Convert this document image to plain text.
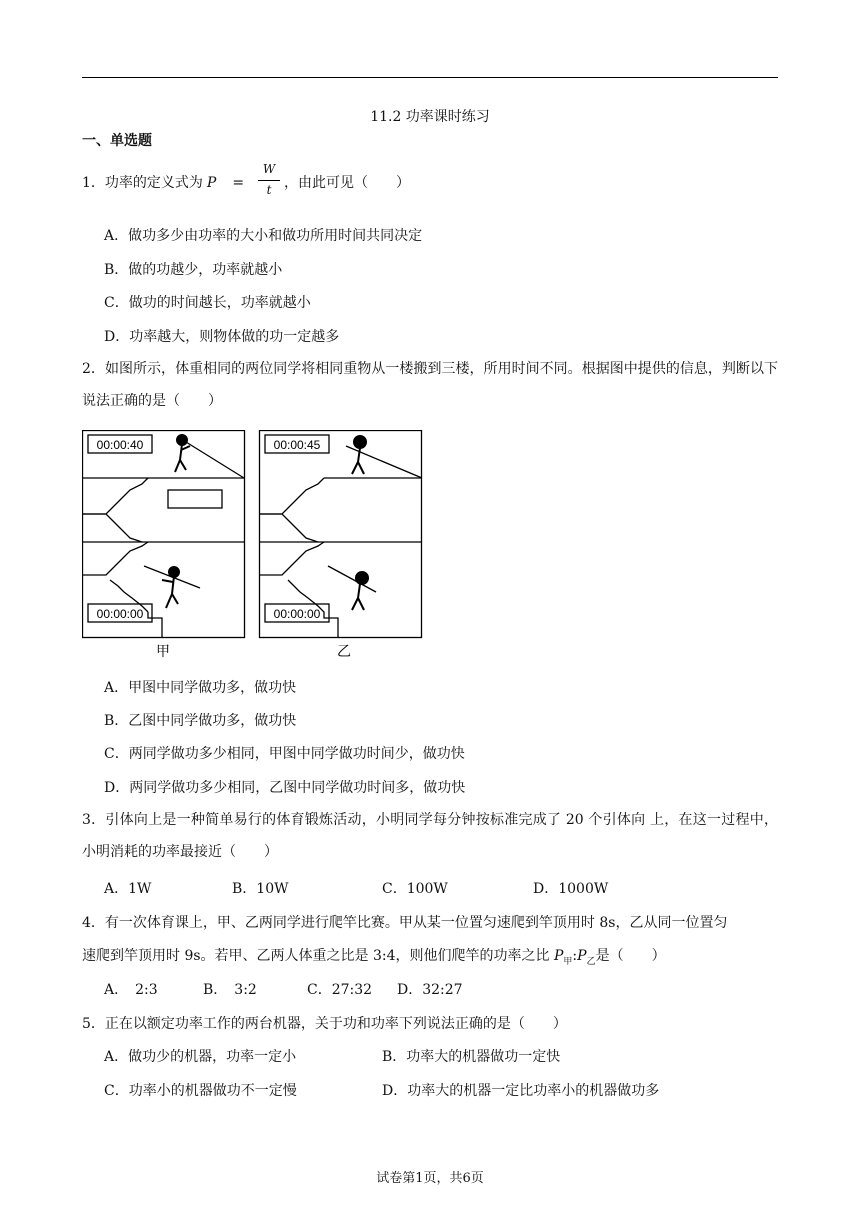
11.2 功率课时练习
一、单选题
1．功率的定义式为 P =
W
t ，由此可见（　　）
A．做功多少由功率的大小和做功所用时间共同决定
B．做的功越少，功率就越小
C．做功的时间越长，功率就越小
D．功率越大，则物体做的功一定越多
2．如图所示，体重相同的两位同学将相同重物从一楼搬到三楼，所用时间不同。根据图中提供的信息，判断以下说法正确的是（　　）
00:00:40
00:00:00
00:00:45
00:00:00
甲	乙
A．甲图中同学做功多，做功快
B．乙图中同学做功多，做功快
C．两同学做功多少相同，甲图中同学做功时间少，做功快
D．两同学做功多少相同，乙图中同学做功时间多，做功快
3．引体向上是一种简单易行的体育锻炼活动，小明同学每分钟按标准完成了 20 个引体向 上，在这一过程中，小明消耗的功率最接近（　　）
A．1W	B．10W	C．100W	D．1000W
4．有一次体育课上，甲、乙两同学进行爬竿比赛。甲从某一位置匀速爬到竿顶用时 8s，乙从同一位置匀
速爬到竿顶用时 9s。若甲、乙两人体重之比是 3:4，则他们爬竿的功率之比 $P_甲:P_乙$是（　　）
A．　2:3	B．　3:2	C．27:32 D．32:27
5．正在以额定功率工作的两台机器，关于功和功率下列说法正确的是（　　）
A．做功少的机器，功率一定小	B．功率大的机器做功一定快
C．功率小的机器做功不一定慢	D．功率大的机器一定比功率小的机器做功多
试卷第1页，共6页
